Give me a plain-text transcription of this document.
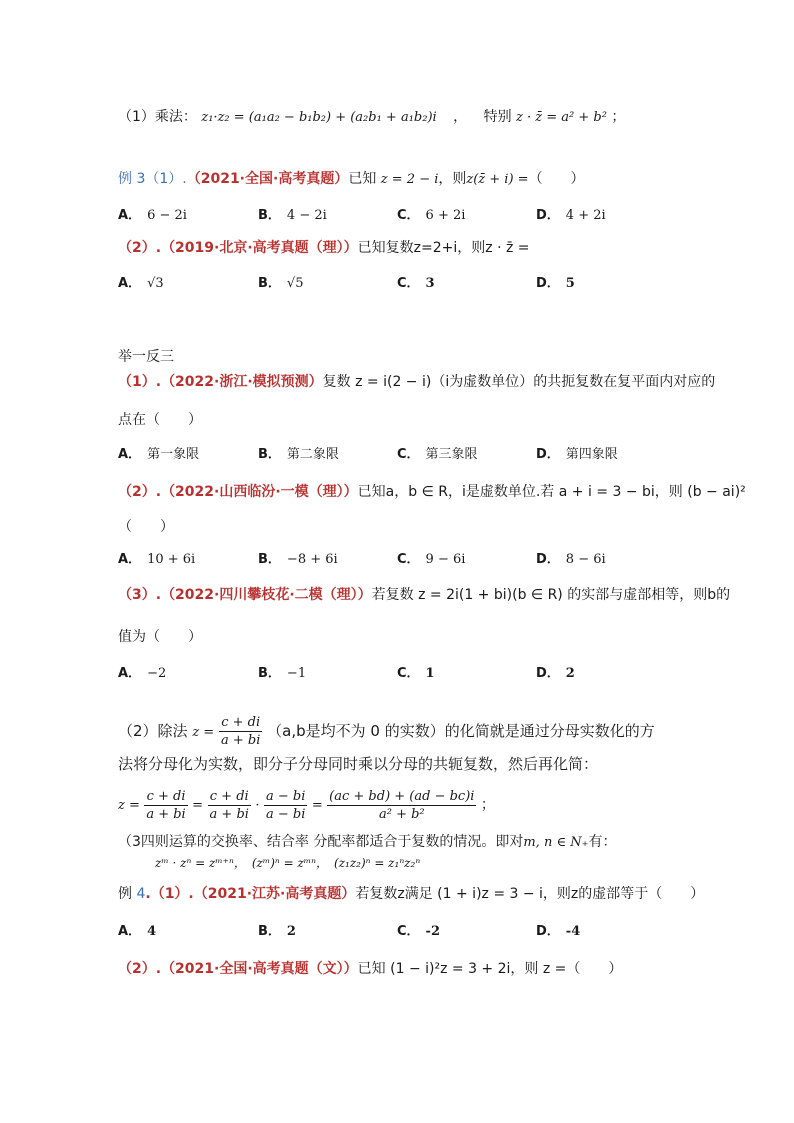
（1）乘法： z₁·z₂ = (a₁a₂ − b₁b₂) + (a₂b₁ + a₁b₂)i ， 特别 z · z̄ = a² + b² ；
例 3（1）.（2021·全国·高考真题）已知 z = 2 − i，则z(z̄ + i) =（　　）
A． 6 − 2i	B． 4 − 2i	C． 6 + 2i	D． 4 + 2i
（2）.（2019·北京·高考真题（理））已知复数z=2+i，则z · z̄ =
A． √3	B． √5	C． 3	D． 5
举一反三
（1）.（2022·浙江·模拟预测）复数 z = i(2 − i)（i为虚数单位）的共扼复数在复平面内对应的
点在（　　）
A． 第一象限	B． 第二象限	C． 第三象限	D． 第四象限
（2）.（2022·山西临汾·一模（理））已知a，b ∈ R，i是虚数单位.若 a + i = 3 − bi，则 (b − ai)²
（　　）
A． 10 + 6i	B． −8 + 6i	C． 9 − 6i	D． 8 − 6i
（3）.（2022·四川攀枝花·二模（理））若复数 z = 2i(1 + bi)(b ∈ R) 的实部与虚部相等，则b的
值为（　　）
A． −2	B． −1	C． 1	D． 2
（2）除法 $z = \frac{c + di}{a + bi} (a,b$是均不为 0 的实数）的化简就是通过分母实数化的方
法将分母化为实数，即分子分母同时乘以分母的共轭复数，然后再化简：
$z = \frac{c + di}{a + bi} = \frac{c + di}{a + bi} \cdot \frac{a - bi}{a - bi} = \frac{(ac + bd) + (ad - bc)i}{\text{a² + b²}}$ ；
（3四则运算的交换率、结合率 分配率都适合于复数的情况。即对m, n ∈ N₊有：
zᵐ · zⁿ = zᵐ⁺ⁿ，　(zᵐ)ⁿ = zᵐⁿ，　(z₁z₂)ⁿ = z₁ⁿz₂ⁿ
例 4.（1）.（2021·江苏·高考真题）若复数z满足 (1 + i)z = 3 − i，则z的虚部等于（　　）
A． 4	B． 2	C． -2	D． -4
（2）.（2021·全国·高考真题（文））已知 (1 − i)²z = 3 + 2i，则 z =（　　）
